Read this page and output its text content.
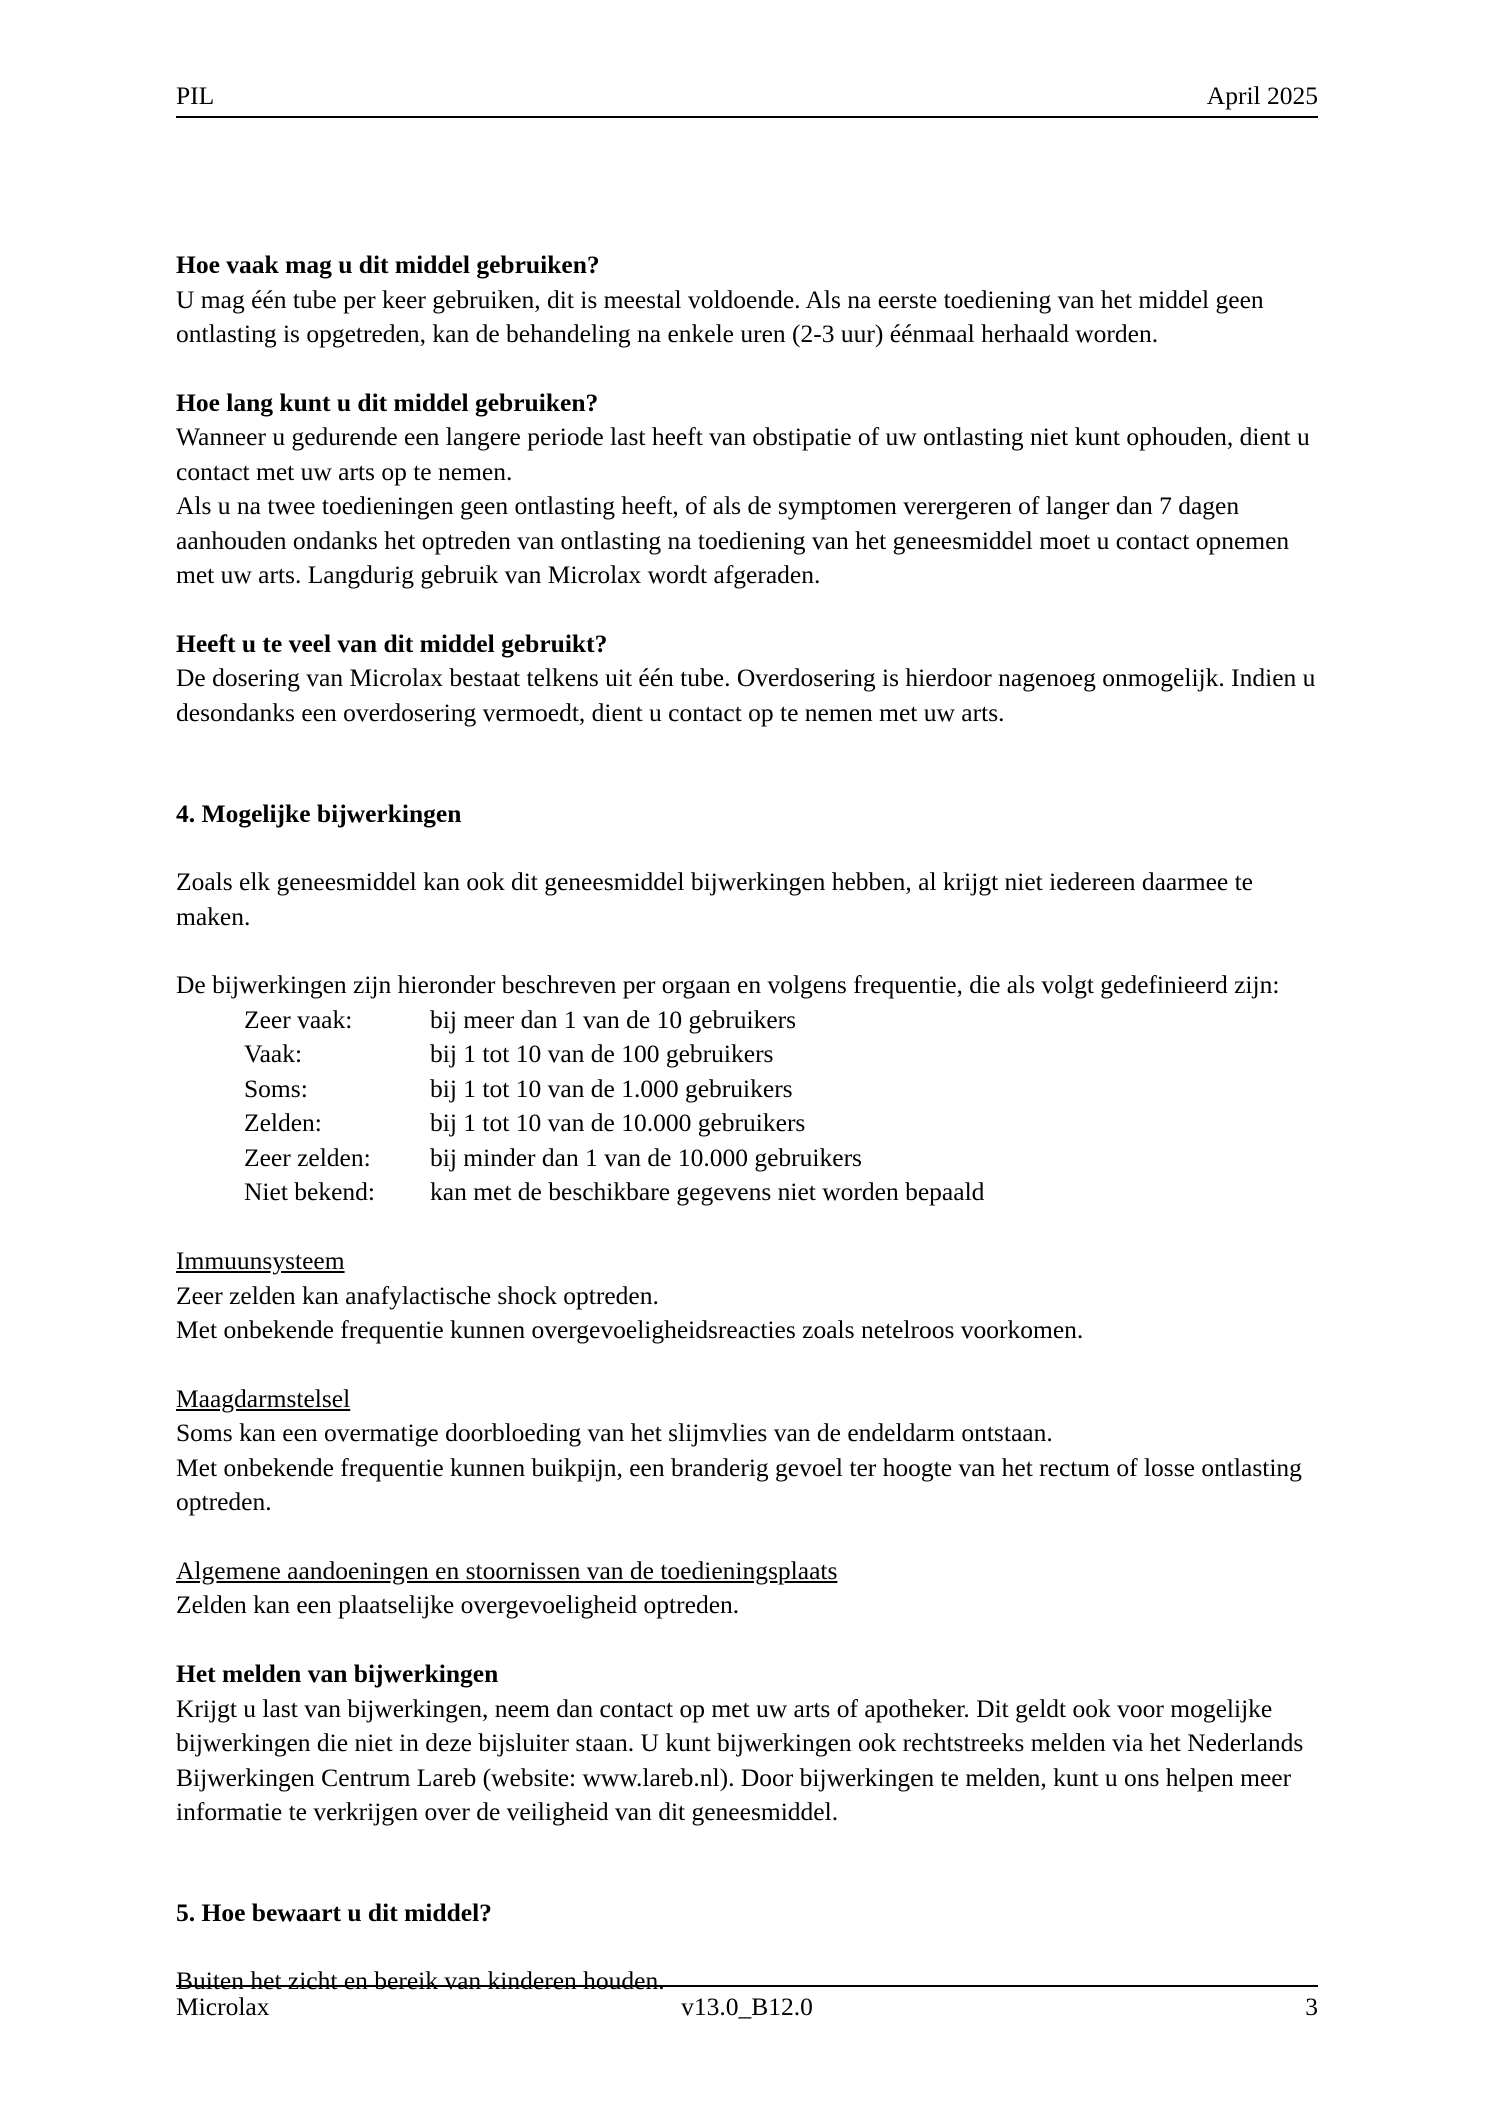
PIL	April 2025
Hoe vaak mag u dit middel gebruiken?

U mag één tube per keer gebruiken, dit is meestal voldoende. Als na eerste toediening van het middel geen ontlasting is opgetreden, kan de behandeling na enkele uren (2-3 uur) éénmaal herhaald worden.

Hoe lang kunt u dit middel gebruiken?

Wanneer u gedurende een langere periode last heeft van obstipatie of uw ontlasting niet kunt ophouden, dient u contact met uw arts op te nemen.

Als u na twee toedieningen geen ontlasting heeft, of als de symptomen verergeren of langer dan 7 dagen aanhouden ondanks het optreden van ontlasting na toediening van het geneesmiddel moet u contact opnemen met uw arts. Langdurig gebruik van Microlax wordt afgeraden.

Heeft u te veel van dit middel gebruikt?

De dosering van Microlax bestaat telkens uit één tube. Overdosering is hierdoor nagenoeg onmogelijk. Indien u desondanks een overdosering vermoedt, dient u contact op te nemen met uw arts.

4. Mogelijke bijwerkingen

Zoals elk geneesmiddel kan ook dit geneesmiddel bijwerkingen hebben, al krijgt niet iedereen daarmee te maken.

De bijwerkingen zijn hieronder beschreven per orgaan en volgens frequentie, die als volgt gedefinieerd zijn:

Zeer vaak:	bij meer dan 1 van de 10 gebruikers
Vaak:	bij 1 tot 10 van de 100 gebruikers
Soms:	bij 1 tot 10 van de 1.000 gebruikers
Zelden:	bij 1 tot 10 van de 10.000 gebruikers
Zeer zelden:	bij minder dan 1 van de 10.000 gebruikers
Niet bekend:	kan met de beschikbare gegevens niet worden bepaald

Immuunsysteem

Zeer zelden kan anafylactische shock optreden.

Met onbekende frequentie kunnen overgevoeligheidsreacties zoals netelroos voorkomen.

Maagdarmstelsel

Soms kan een overmatige doorbloeding van het slijmvlies van de endeldarm ontstaan.

Met onbekende frequentie kunnen buikpijn, een branderig gevoel ter hoogte van het rectum of losse ontlasting optreden.

Algemene aandoeningen en stoornissen van de toedieningsplaats

Zelden kan een plaatselijke overgevoeligheid optreden.

Het melden van bijwerkingen

Krijgt u last van bijwerkingen, neem dan contact op met uw arts of apotheker. Dit geldt ook voor mogelijke bijwerkingen die niet in deze bijsluiter staan. U kunt bijwerkingen ook rechtstreeks melden via het Nederlands Bijwerkingen Centrum Lareb (website: www.lareb.nl). Door bijwerkingen te melden, kunt u ons helpen meer informatie te verkrijgen over de veiligheid van dit geneesmiddel.

5. Hoe bewaart u dit middel?

Buiten het zicht en bereik van kinderen houden.

Microlax	v13.0_B12.0	3
